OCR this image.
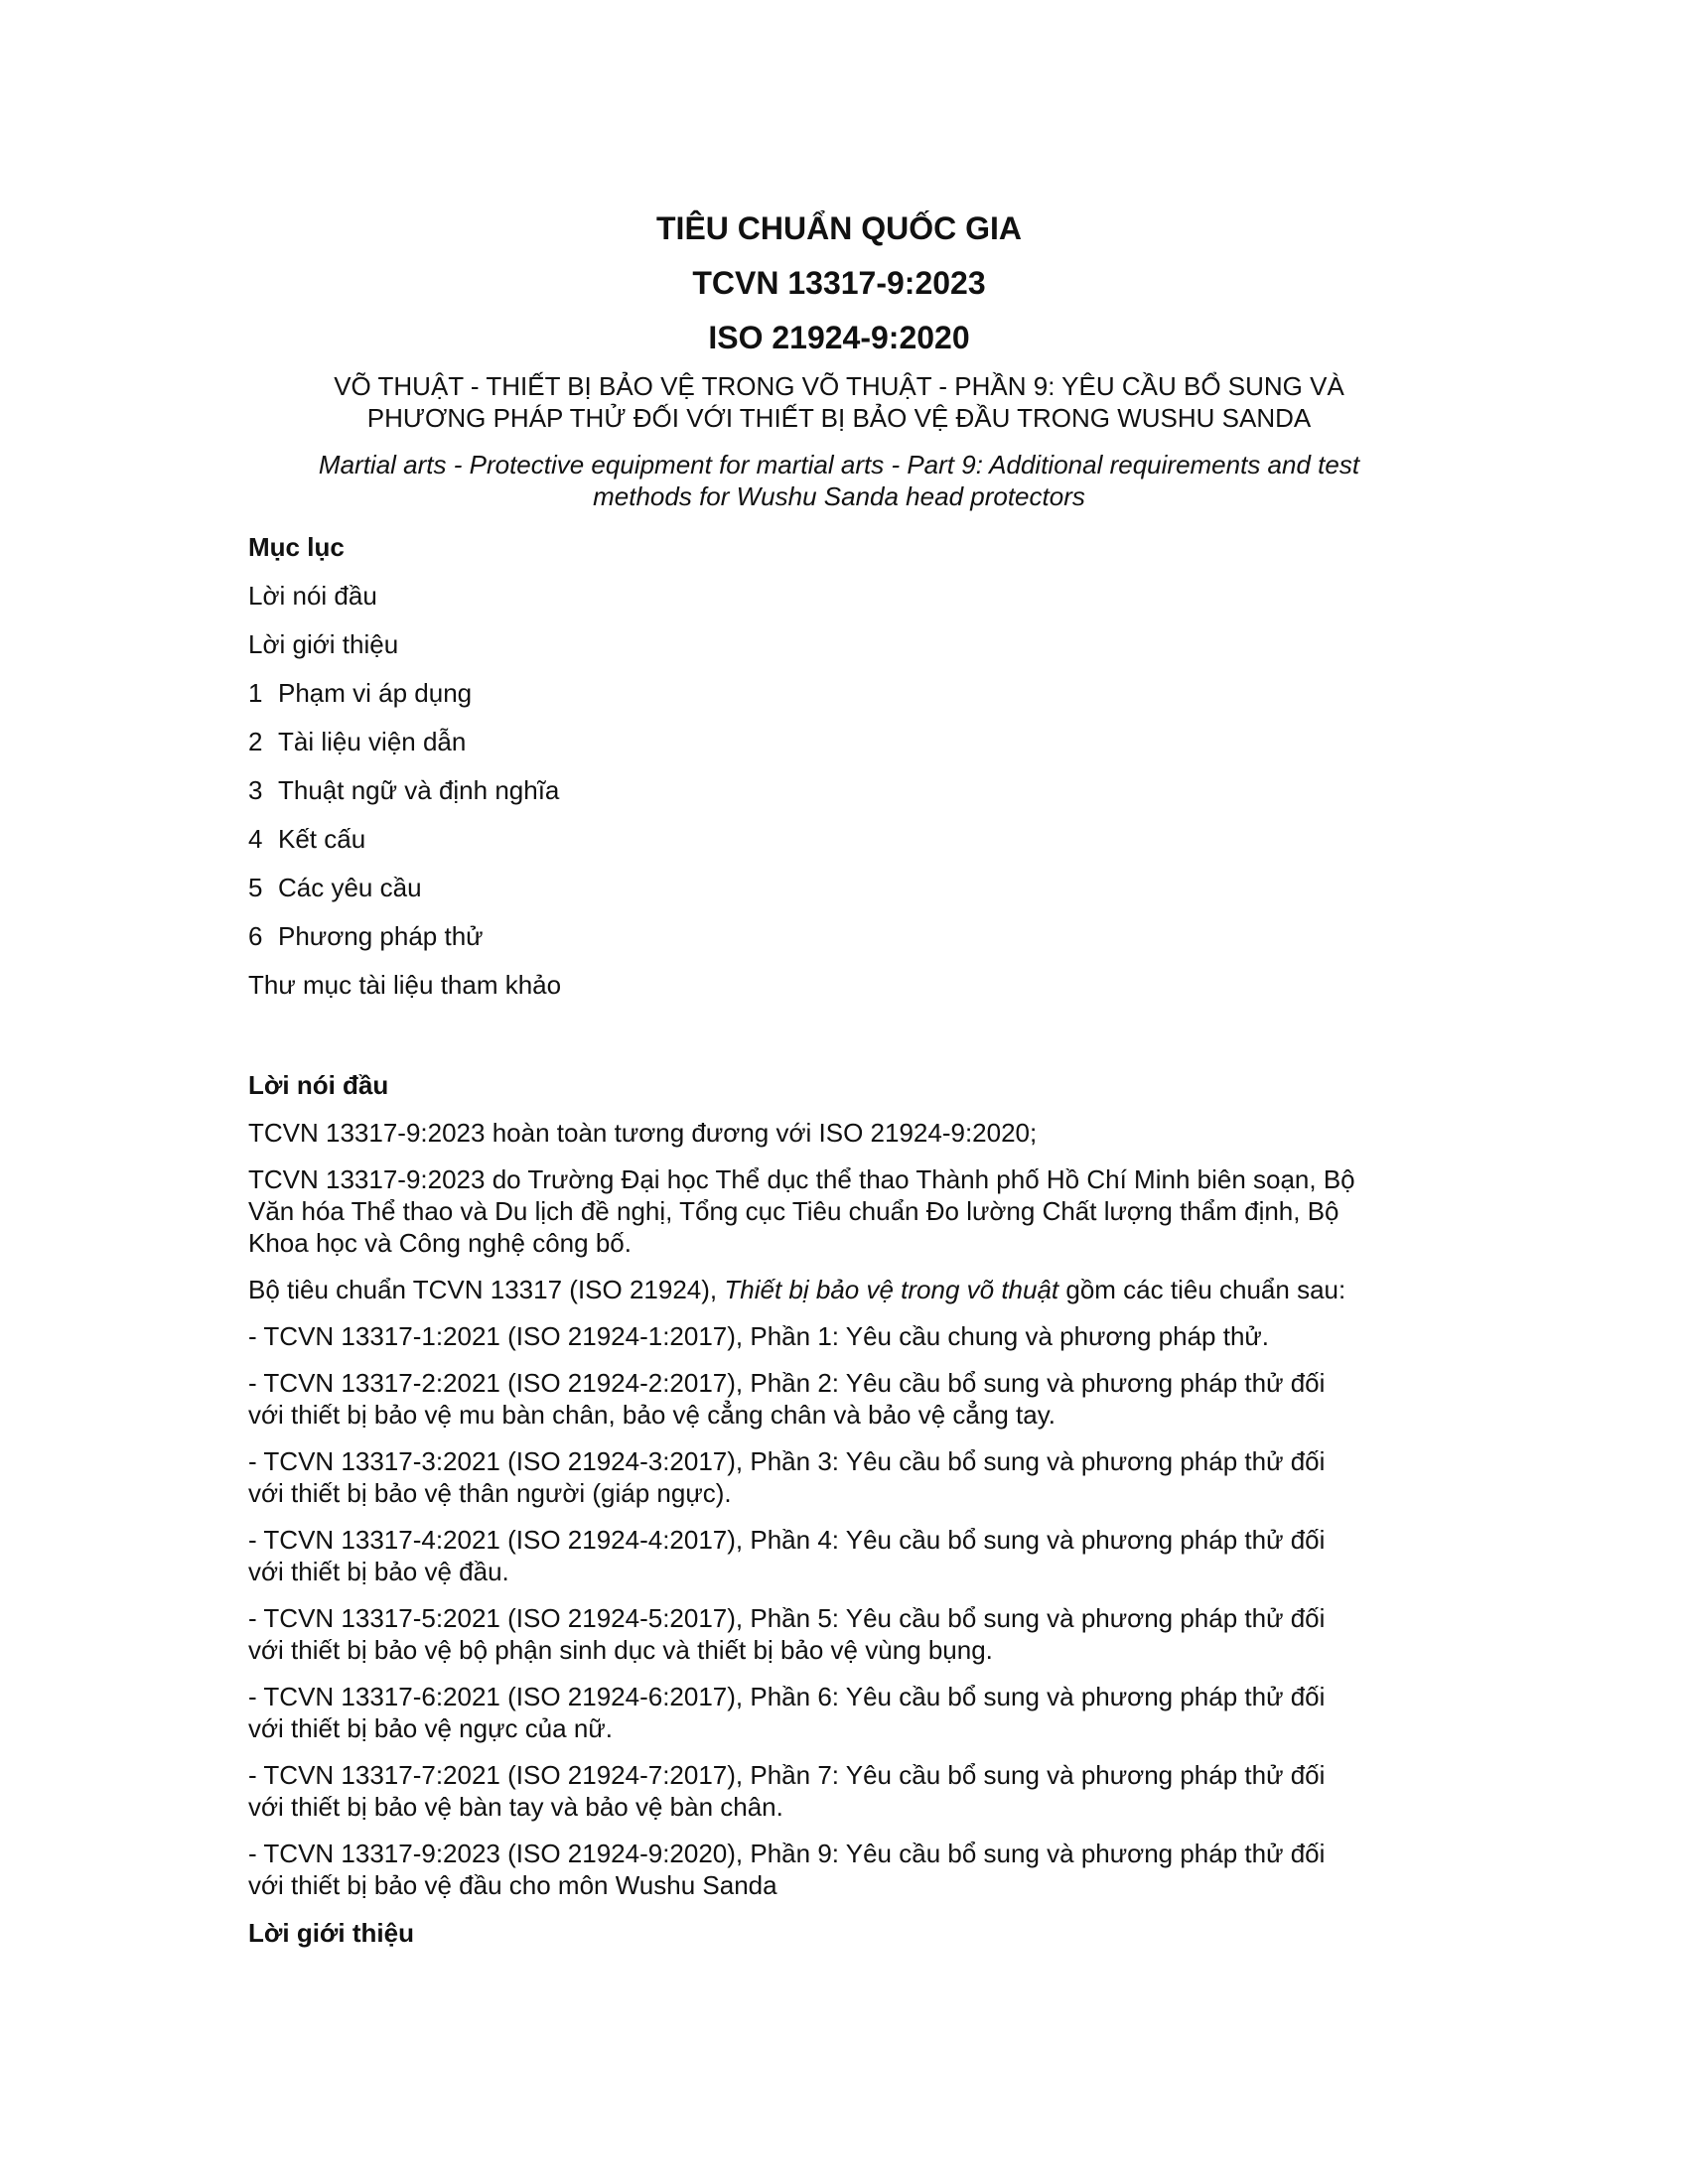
TIÊU CHUẨN QUỐC GIA
TCVN 13317-9:2023
ISO 21924-9:2020
VÕ THUẬT - THIẾT BỊ BẢO VỆ TRONG VÕ THUẬT - PHẦN 9: YÊU CẦU BỔ SUNG VÀ
PHƯƠNG PHÁP THỬ ĐỐI VỚI THIẾT BỊ BẢO VỆ ĐẦU TRONG WUSHU SANDA
Martial arts - Protective equipment for martial arts - Part 9: Additional requirements and test
methods for Wushu Sanda head protectors
Mục lục
Lời nói đầu
Lời giới thiệu
1 Phạm vi áp dụng
2 Tài liệu viện dẫn
3 Thuật ngữ và định nghĩa
4 Kết cấu
5 Các yêu cầu
6 Phương pháp thử
Thư mục tài liệu tham khảo
Lời nói đầu
TCVN 13317-9:2023 hoàn toàn tương đương với ISO 21924-9:2020;
TCVN 13317-9:2023 do Trường Đại học Thể dục thể thao Thành phố Hồ Chí Minh biên soạn, Bộ
Văn hóa Thể thao và Du lịch đề nghị, Tổng cục Tiêu chuẩn Đo lường Chất lượng thẩm định, Bộ
Khoa học và Công nghệ công bố.
Bộ tiêu chuẩn TCVN 13317 (ISO 21924), Thiết bị bảo vệ trong võ thuật gồm các tiêu chuẩn sau:
- TCVN 13317-1:2021 (ISO 21924-1:2017), Phần 1: Yêu cầu chung và phương pháp thử.
- TCVN 13317-2:2021 (ISO 21924-2:2017), Phần 2: Yêu cầu bổ sung và phương pháp thử đối
với thiết bị bảo vệ mu bàn chân, bảo vệ cẳng chân và bảo vệ cẳng tay.
- TCVN 13317-3:2021 (ISO 21924-3:2017), Phần 3: Yêu cầu bổ sung và phương pháp thử đối
với thiết bị bảo vệ thân người (giáp ngực).
- TCVN 13317-4:2021 (ISO 21924-4:2017), Phần 4: Yêu cầu bổ sung và phương pháp thử đối
với thiết bị bảo vệ đầu.
- TCVN 13317-5:2021 (ISO 21924-5:2017), Phần 5: Yêu cầu bổ sung và phương pháp thử đối
với thiết bị bảo vệ bộ phận sinh dục và thiết bị bảo vệ vùng bụng.
- TCVN 13317-6:2021 (ISO 21924-6:2017), Phần 6: Yêu cầu bổ sung và phương pháp thử đối
với thiết bị bảo vệ ngực của nữ.
- TCVN 13317-7:2021 (ISO 21924-7:2017), Phần 7: Yêu cầu bổ sung và phương pháp thử đối
với thiết bị bảo vệ bàn tay và bảo vệ bàn chân.
- TCVN 13317-9:2023 (ISO 21924-9:2020), Phần 9: Yêu cầu bổ sung và phương pháp thử đối
với thiết bị bảo vệ đầu cho môn Wushu Sanda
Lời giới thiệu
